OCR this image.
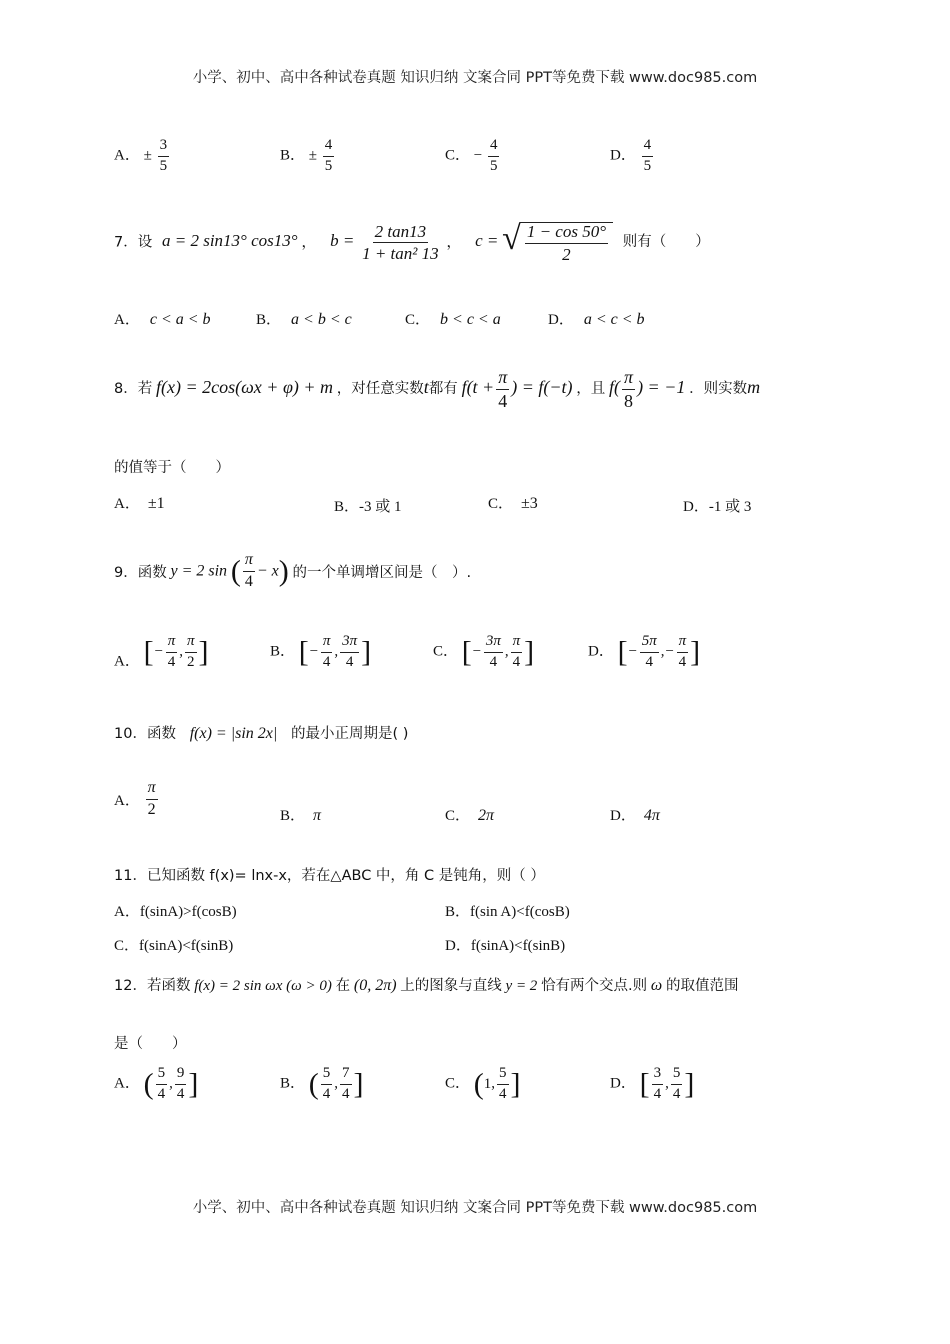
小学、初中、高中各种试卷真题 知识归纳 文案合同 PPT等免费下载 www.doc985.com
A． ± $\frac{3}{5}$	B． ± $\frac{4}{5}$	C． − $\frac{4}{5}$	D． $\frac{4}{5}$
7．设 a = 2 sin13° cos13° ， $b = \frac{2 \tan 13}{\text{1 + tan² 13}}$ ， c = √ $\frac{1 - \cos 50^\circ}{2}$ 则有（　　）
A． c < a < b	B． a < b < c	C． b < c < a	D． a < c < b
8．若 f(x) = 2cos(ωx + φ) + m ，对任意实数t都有 $f(t + \frac{\pi}{4}$ ) = f(−t) ，且 $f( \frac{\pi}{8}$ ) = −1 ．则实数m
的值等于（　　）
A． ±1	B．-3 或 1	C． ±3	D．-1 或 3
9．函数 y = 2 sin ( $\frac{\pi}{4} - x$) 的一个单调增区间是（　）.
A． [− $\frac{\pi}{4}$ , $\frac{\pi}{2}$ ]	B． [− $\frac{\pi}{4}$ , $\frac{3\pi}{4}$ ]	C． [− $\frac{3\pi}{4}$ , $\frac{\pi}{4}$ ]	D． [− $\frac{5\pi}{4}$ ,− $\frac{\pi}{4}$ ]
10．函数 f(x) = |sin 2x| 的最小正周期是( )
A． $\frac{\pi}{2}$	B． π	C． 2π	D． 4π
11．已知函数 f(x)= lnx-x，若在△ABC 中，角 C 是钝角，则（ ）
A．f(sinA)>f(cosB)	B．f(sin A)<f(cosB)
C．f(sinA)<f(sinB)	D．f(sinA)<f(sinB)
12．若函数 f(x) = 2 sin ωx (ω > 0) 在 (0, 2π) 上的图象与直线 y = 2 恰有两个交点.则 ω 的取值范围
是（　　）
A． ( $\frac{5}{4}$ , $\frac{9}{4}$ ]	B． ( $\frac{5}{4}$ , $\frac{7}{4}$ ]	C． (1, $\frac{5}{4}$ ]	D． [ $\frac{3}{4}$ , $\frac{5}{4}$ ]
小学、初中、高中各种试卷真题 知识归纳 文案合同 PPT等免费下载 www.doc985.com
